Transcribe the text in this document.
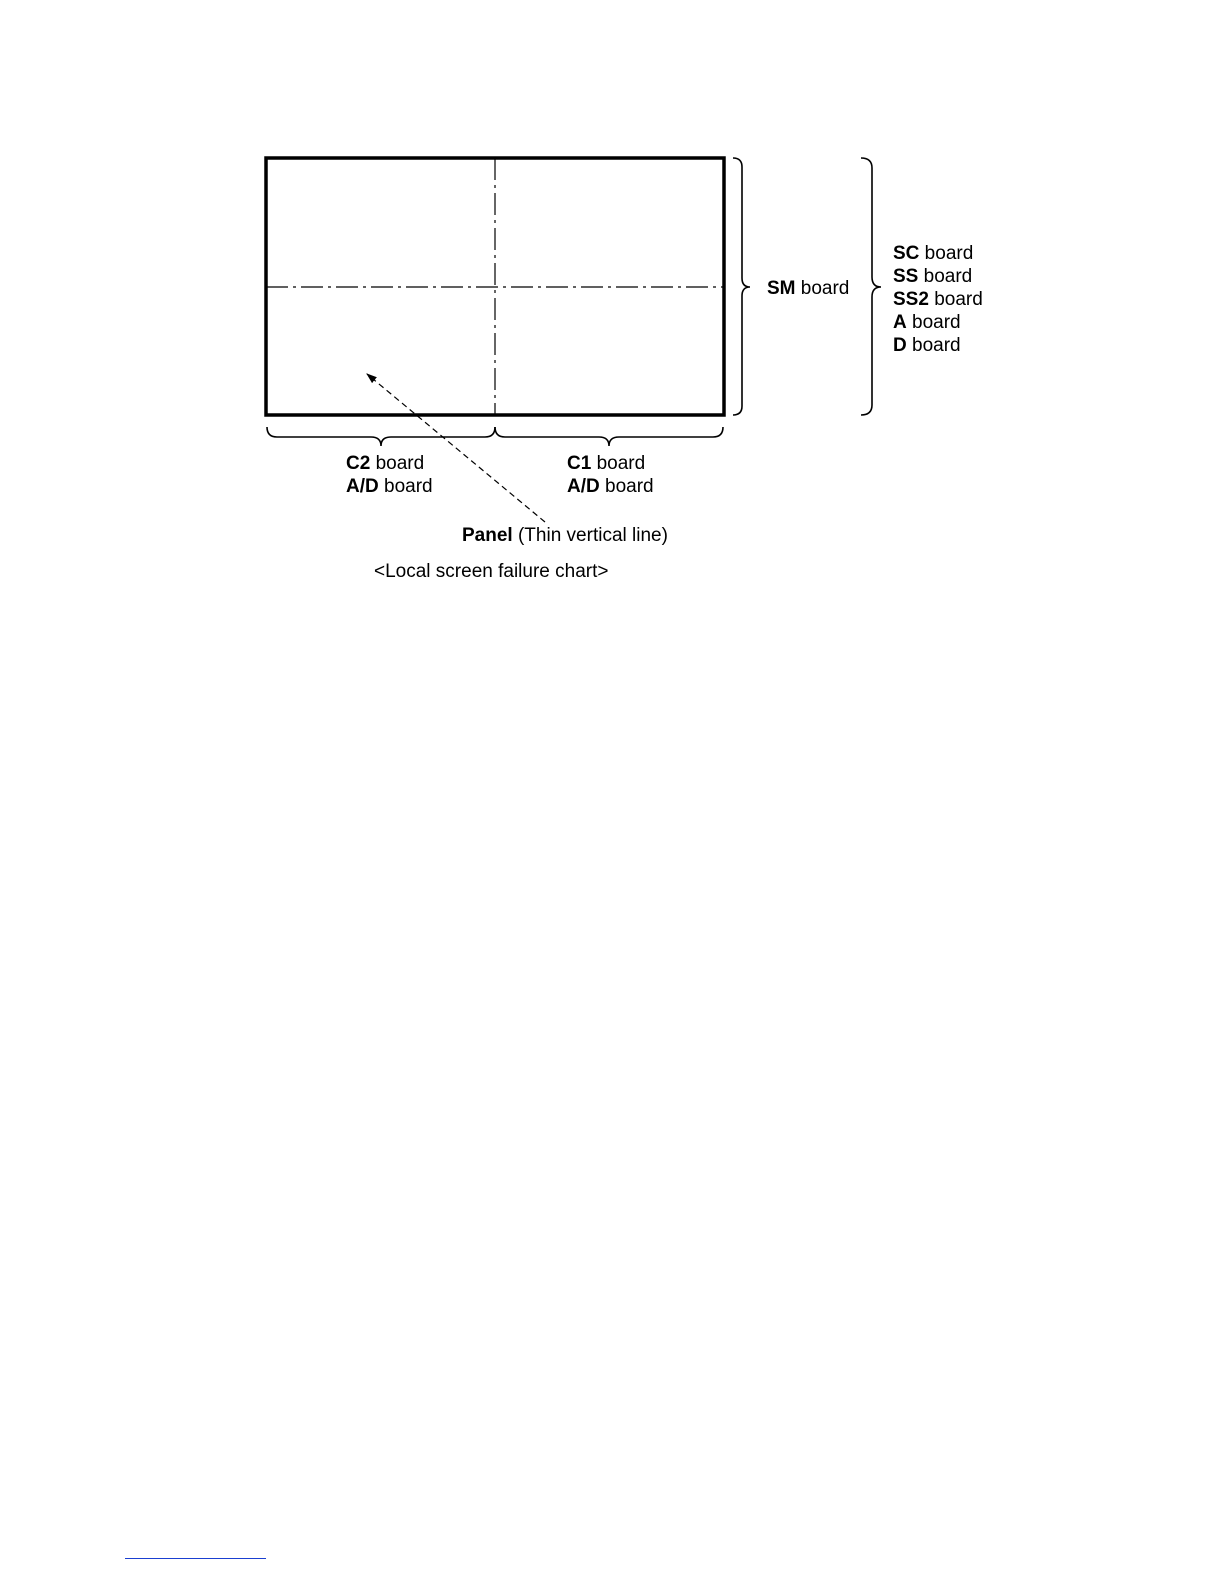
SM board
SC board
SS board
SS2 board
A board
D board
C2 board
A/D board
C1 board
A/D board
Panel (Thin vertical line)
<Local screen failure chart>
